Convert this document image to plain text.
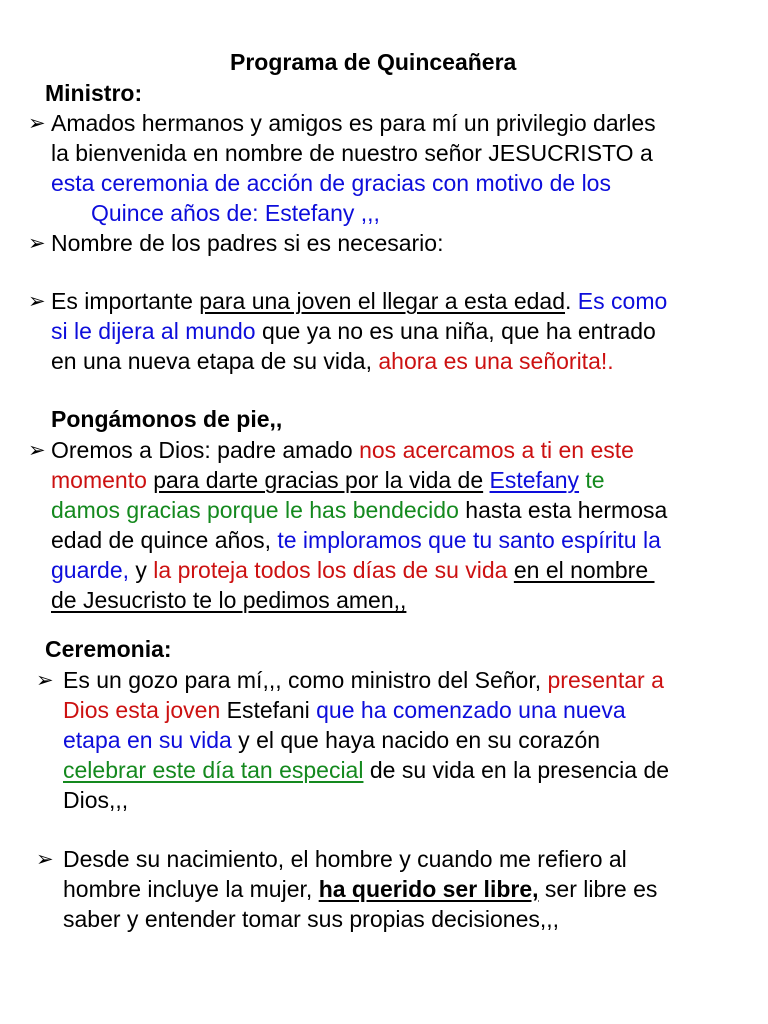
Programa de Quinceañera
Ministro:
➢ Amados hermanos y amigos es para mí un privilegio darles
la bienvenida en nombre de nuestro señor JESUCRISTO a
esta ceremonia de acción de gracias con motivo de los
Quince años de: Estefany ,,,
➢ Nombre de los padres si es necesario:
➢ Es importante para una joven el llegar a esta edad. Es como
si le dijera al mundo que ya no es una niña, que ha entrado
en una nueva etapa de su vida, ahora es una señorita!.
Pongámonos de pie,,
➢ Oremos a Dios: padre amado nos acercamos a ti en este
momento para darte gracias por la vida de Estefany te
damos gracias porque le has bendecido hasta esta hermosa
edad de quince años, te imploramos que tu santo espíritu la
guarde, y la proteja todos los días de su vida en el nombre
de Jesucristo te lo pedimos amen,,
Ceremonia:
➢ Es un gozo para mí,,, como ministro del Señor, presentar a
Dios esta joven Estefani que ha comenzado una nueva
etapa en su vida y el que haya nacido en su corazón
celebrar este día tan especial de su vida en la presencia de
Dios,,,
➢ Desde su nacimiento, el hombre y cuando me refiero al
hombre incluye la mujer, ha querido ser libre, ser libre es
saber y entender tomar sus propias decisiones,,,
